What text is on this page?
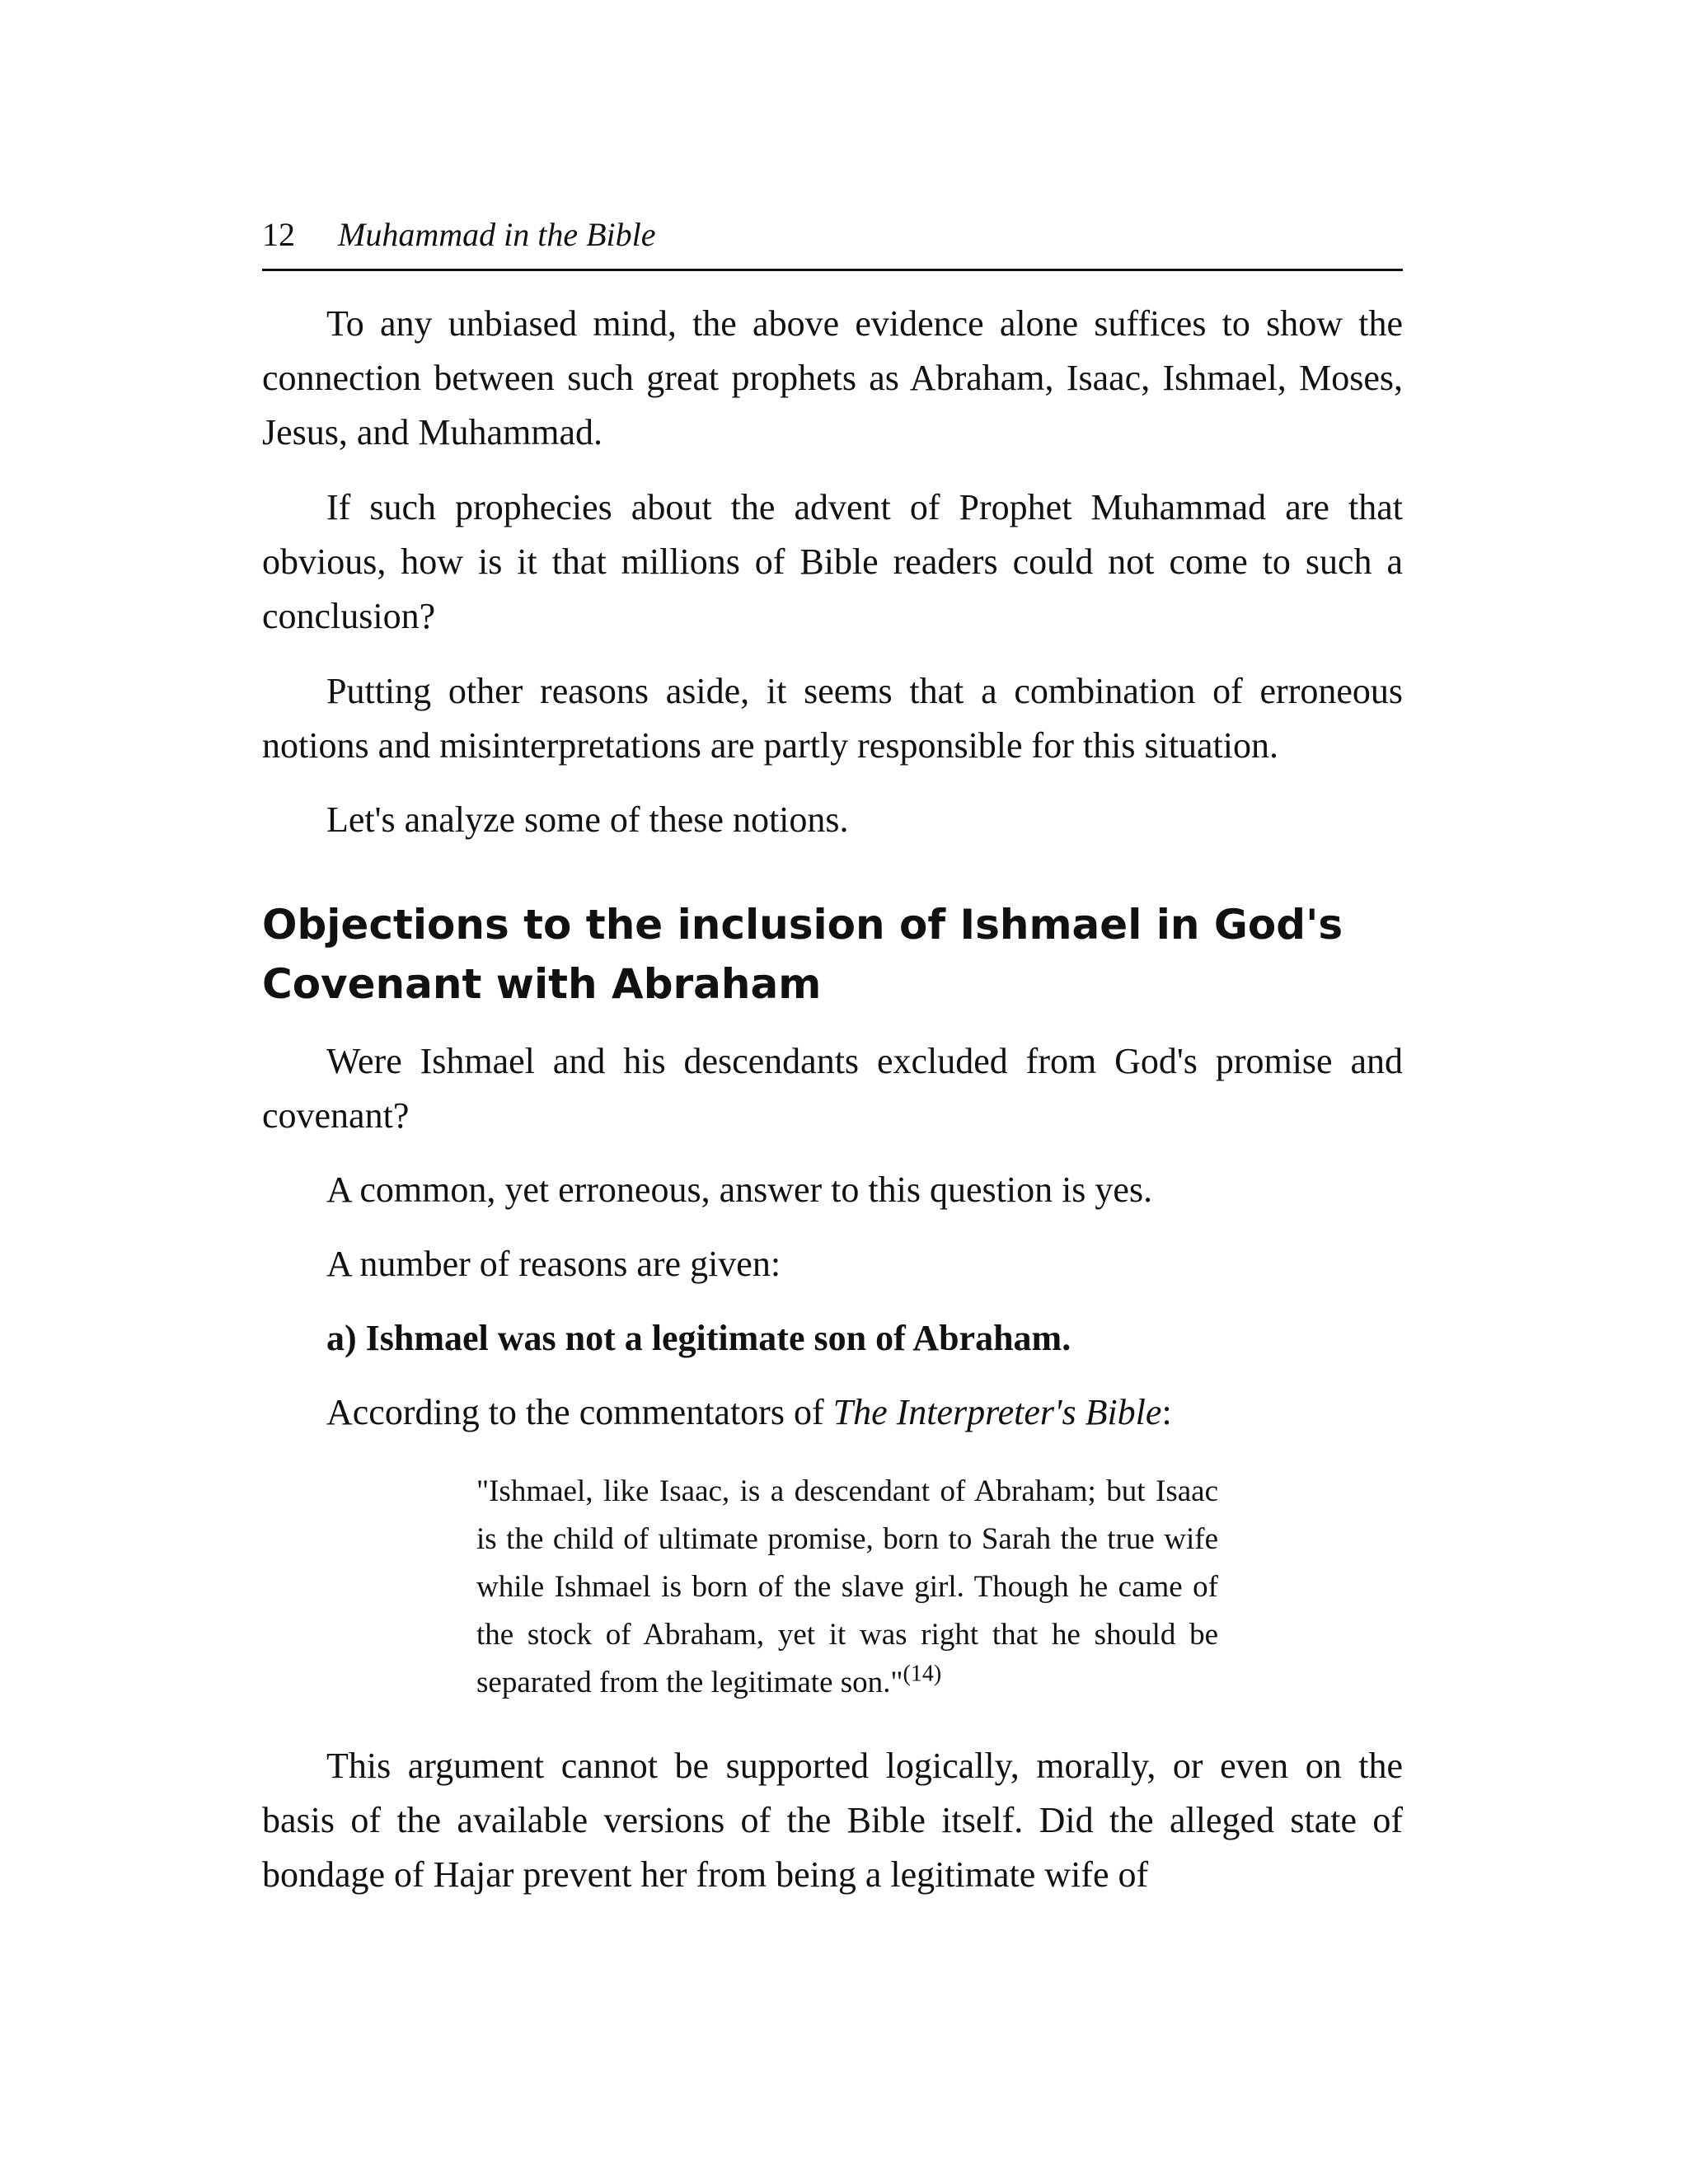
12 Muhammad in the Bible

To any unbiased mind, the above evidence alone suffices to show the connection between such great prophets as Abraham, Isaac, Ishmael, Moses, Jesus, and Muhammad.

If such prophecies about the advent of Prophet Muhammad are that obvious, how is it that millions of Bible readers could not come to such a conclusion?

Putting other reasons aside, it seems that a combination of erroneous notions and misinterpretations are partly responsible for this situation.

Let's analyze some of these notions.

Objections to the inclusion of Ishmael in God's
Covenant with Abraham

Were Ishmael and his descendants excluded from God's promise and covenant?

A common, yet erroneous, answer to this question is yes.

A number of reasons are given:

a) Ishmael was not a legitimate son of Abraham.

According to the commentators of The Interpreter's Bible:

"Ishmael, like Isaac, is a descendant of Abraham; but Isaac is the child of ultimate promise, born to Sarah the true wife while Ishmael is born of the slave girl. Though he came of the stock of Abraham, yet it was right that he should be separated from the legitimate son."$^{(14)}$

This argument cannot be supported logically, morally, or even on the basis of the available versions of the Bible itself. Did the alleged state of bondage of Hajar prevent her from being a legitimate wife of
